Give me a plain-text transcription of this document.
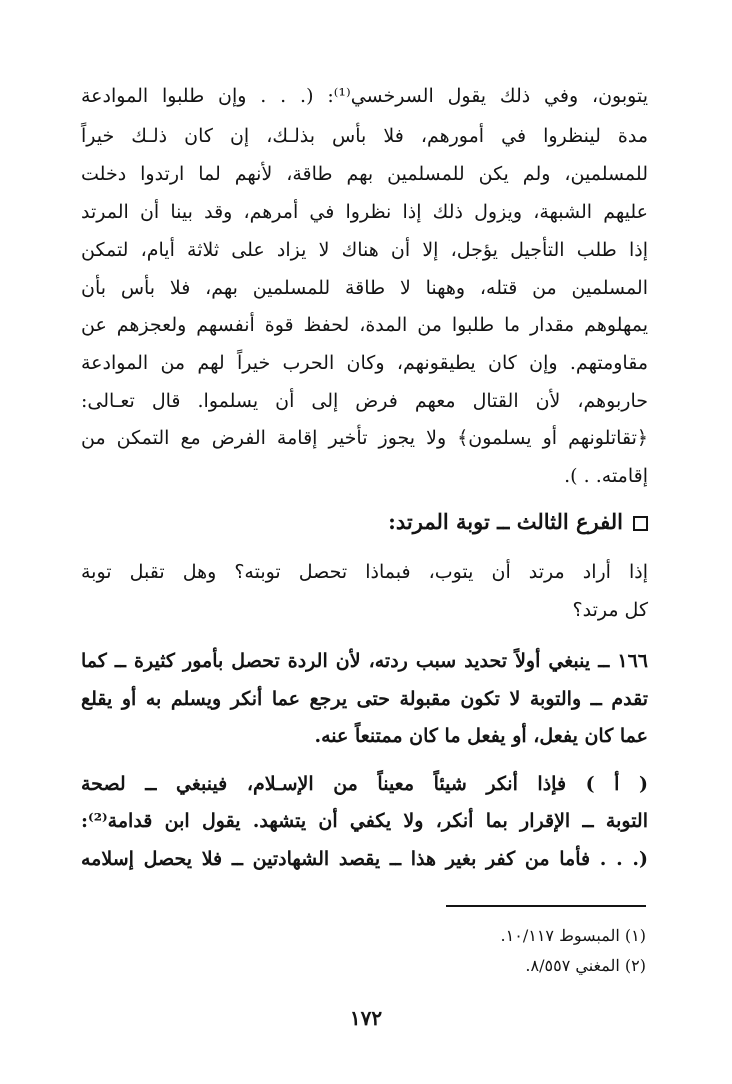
يتوبون، وفي ذلك يقول السرخسي⁽¹⁾: (. . . وإن طلبوا الموادعة
مدة لينظروا في أمورهم، فلا بأس بذلـك، إن كان ذلـك خيراً
للمسلمين، ولم يكن للمسلمين بهم طاقة، لأنهم لما ارتدوا دخلت
عليهم الشبهة، ويزول ذلك إذا نظروا في أمرهم، وقد بينا أن المرتد
إذا طلب التأجيل يؤجل، إلا أن هناك لا يزاد على ثلاثة أيام، لتمكن
المسلمين من قتله، وههنا لا طاقة للمسلمين بهم، فلا بأس بأن
يمهلوهم مقدار ما طلبوا من المدة، لحفظ قوة أنفسهم ولعجزهم عن
مقاومتهم. وإن كان يطيقونهم، وكان الحرب خيراً لهم من الموادعة
حاربوهم، لأن القتال معهم فرض إلى أن يسلموا. قال تعـالى:
﴿تقاتلونهم أو يسلمون﴾ ولا يجوز تأخير إقامة الفرض مع التمكن من
إقامته. . ).
الفرع الثالث ــ توبة المرتد:
إذا أراد مرتد أن يتوب، فبماذا تحصل توبته؟ وهل تقبل توبة
كل مرتد؟
١٦٦ ــ ينبغي أولاً تحديد سبب ردته، لأن الردة تحصل بأمور كثيرة ــ كما
تقدم ــ والتوبة لا تكون مقبولة حتى يرجع عما أنكر ويسلم به أو يقلع
عما كان يفعل، أو يفعل ما كان ممتنعاً عنه.
( أ ) فإذا أنكر شيئاً معيناً من الإسـلام، فينبغي ــ لصحة
التوبة ــ الإقرار بما أنكر، ولا يكفي أن يتشهد. يقول ابن قدامة⁽²⁾:
(. . . فأما من كفر بغير هذا ــ يقصد الشهادتين ــ فلا يحصل إسلامه
(١) المبسوط ١٠/١١٧.
(٢) المغني ٨/٥٥٧.
١٧٢
